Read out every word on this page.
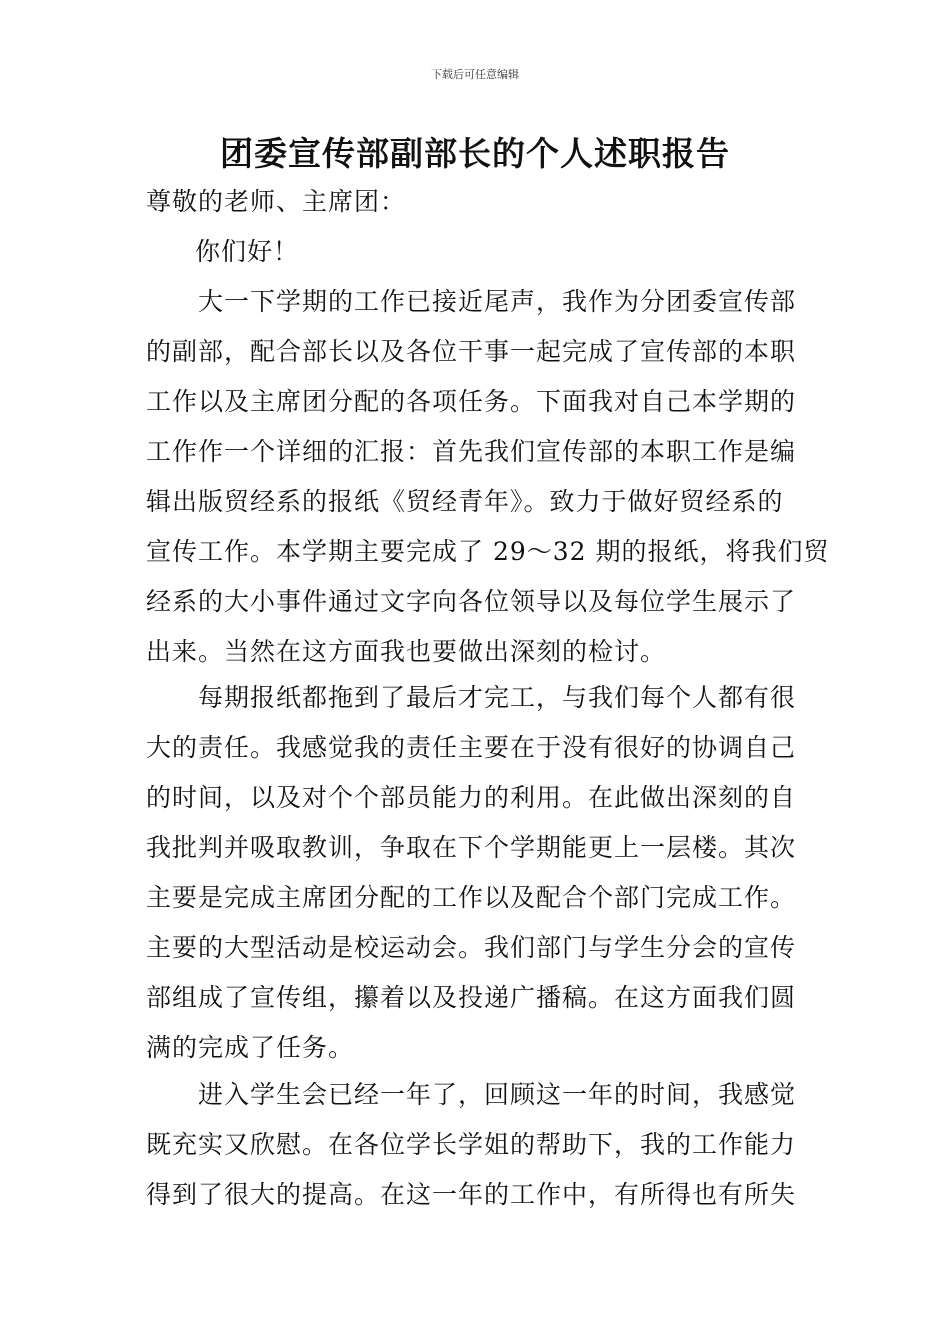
下载后可任意编辑
团委宣传部副部长的个人述职报告
尊敬的老师、主席团：
你们好！
　　大一下学期的工作已接近尾声，我作为分团委宣传部
的副部，配合部长以及各位干事一起完成了宣传部的本职
工作以及主席团分配的各项任务。下面我对自己本学期的
工作作一个详细的汇报：首先我们宣传部的本职工作是编
辑出版贸经系的报纸《贸经青年》。致力于做好贸经系的
宣传工作。本学期主要完成了 29～32 期的报纸，将我们贸
经系的大小事件通过文字向各位领导以及每位学生展示了
出来。当然在这方面我也要做出深刻的检讨。
　　每期报纸都拖到了最后才完工，与我们每个人都有很
大的责任。我感觉我的责任主要在于没有很好的协调自己
的时间，以及对个个部员能力的利用。在此做出深刻的自
我批判并吸取教训，争取在下个学期能更上一层楼。其次
主要是完成主席团分配的工作以及配合个部门完成工作。
主要的大型活动是校运动会。我们部门与学生分会的宣传
部组成了宣传组，攥着以及投递广播稿。在这方面我们圆
满的完成了任务。
　　进入学生会已经一年了，回顾这一年的时间，我感觉
既充实又欣慰。在各位学长学姐的帮助下，我的工作能力
得到了很大的提高。在这一年的工作中，有所得也有所失
